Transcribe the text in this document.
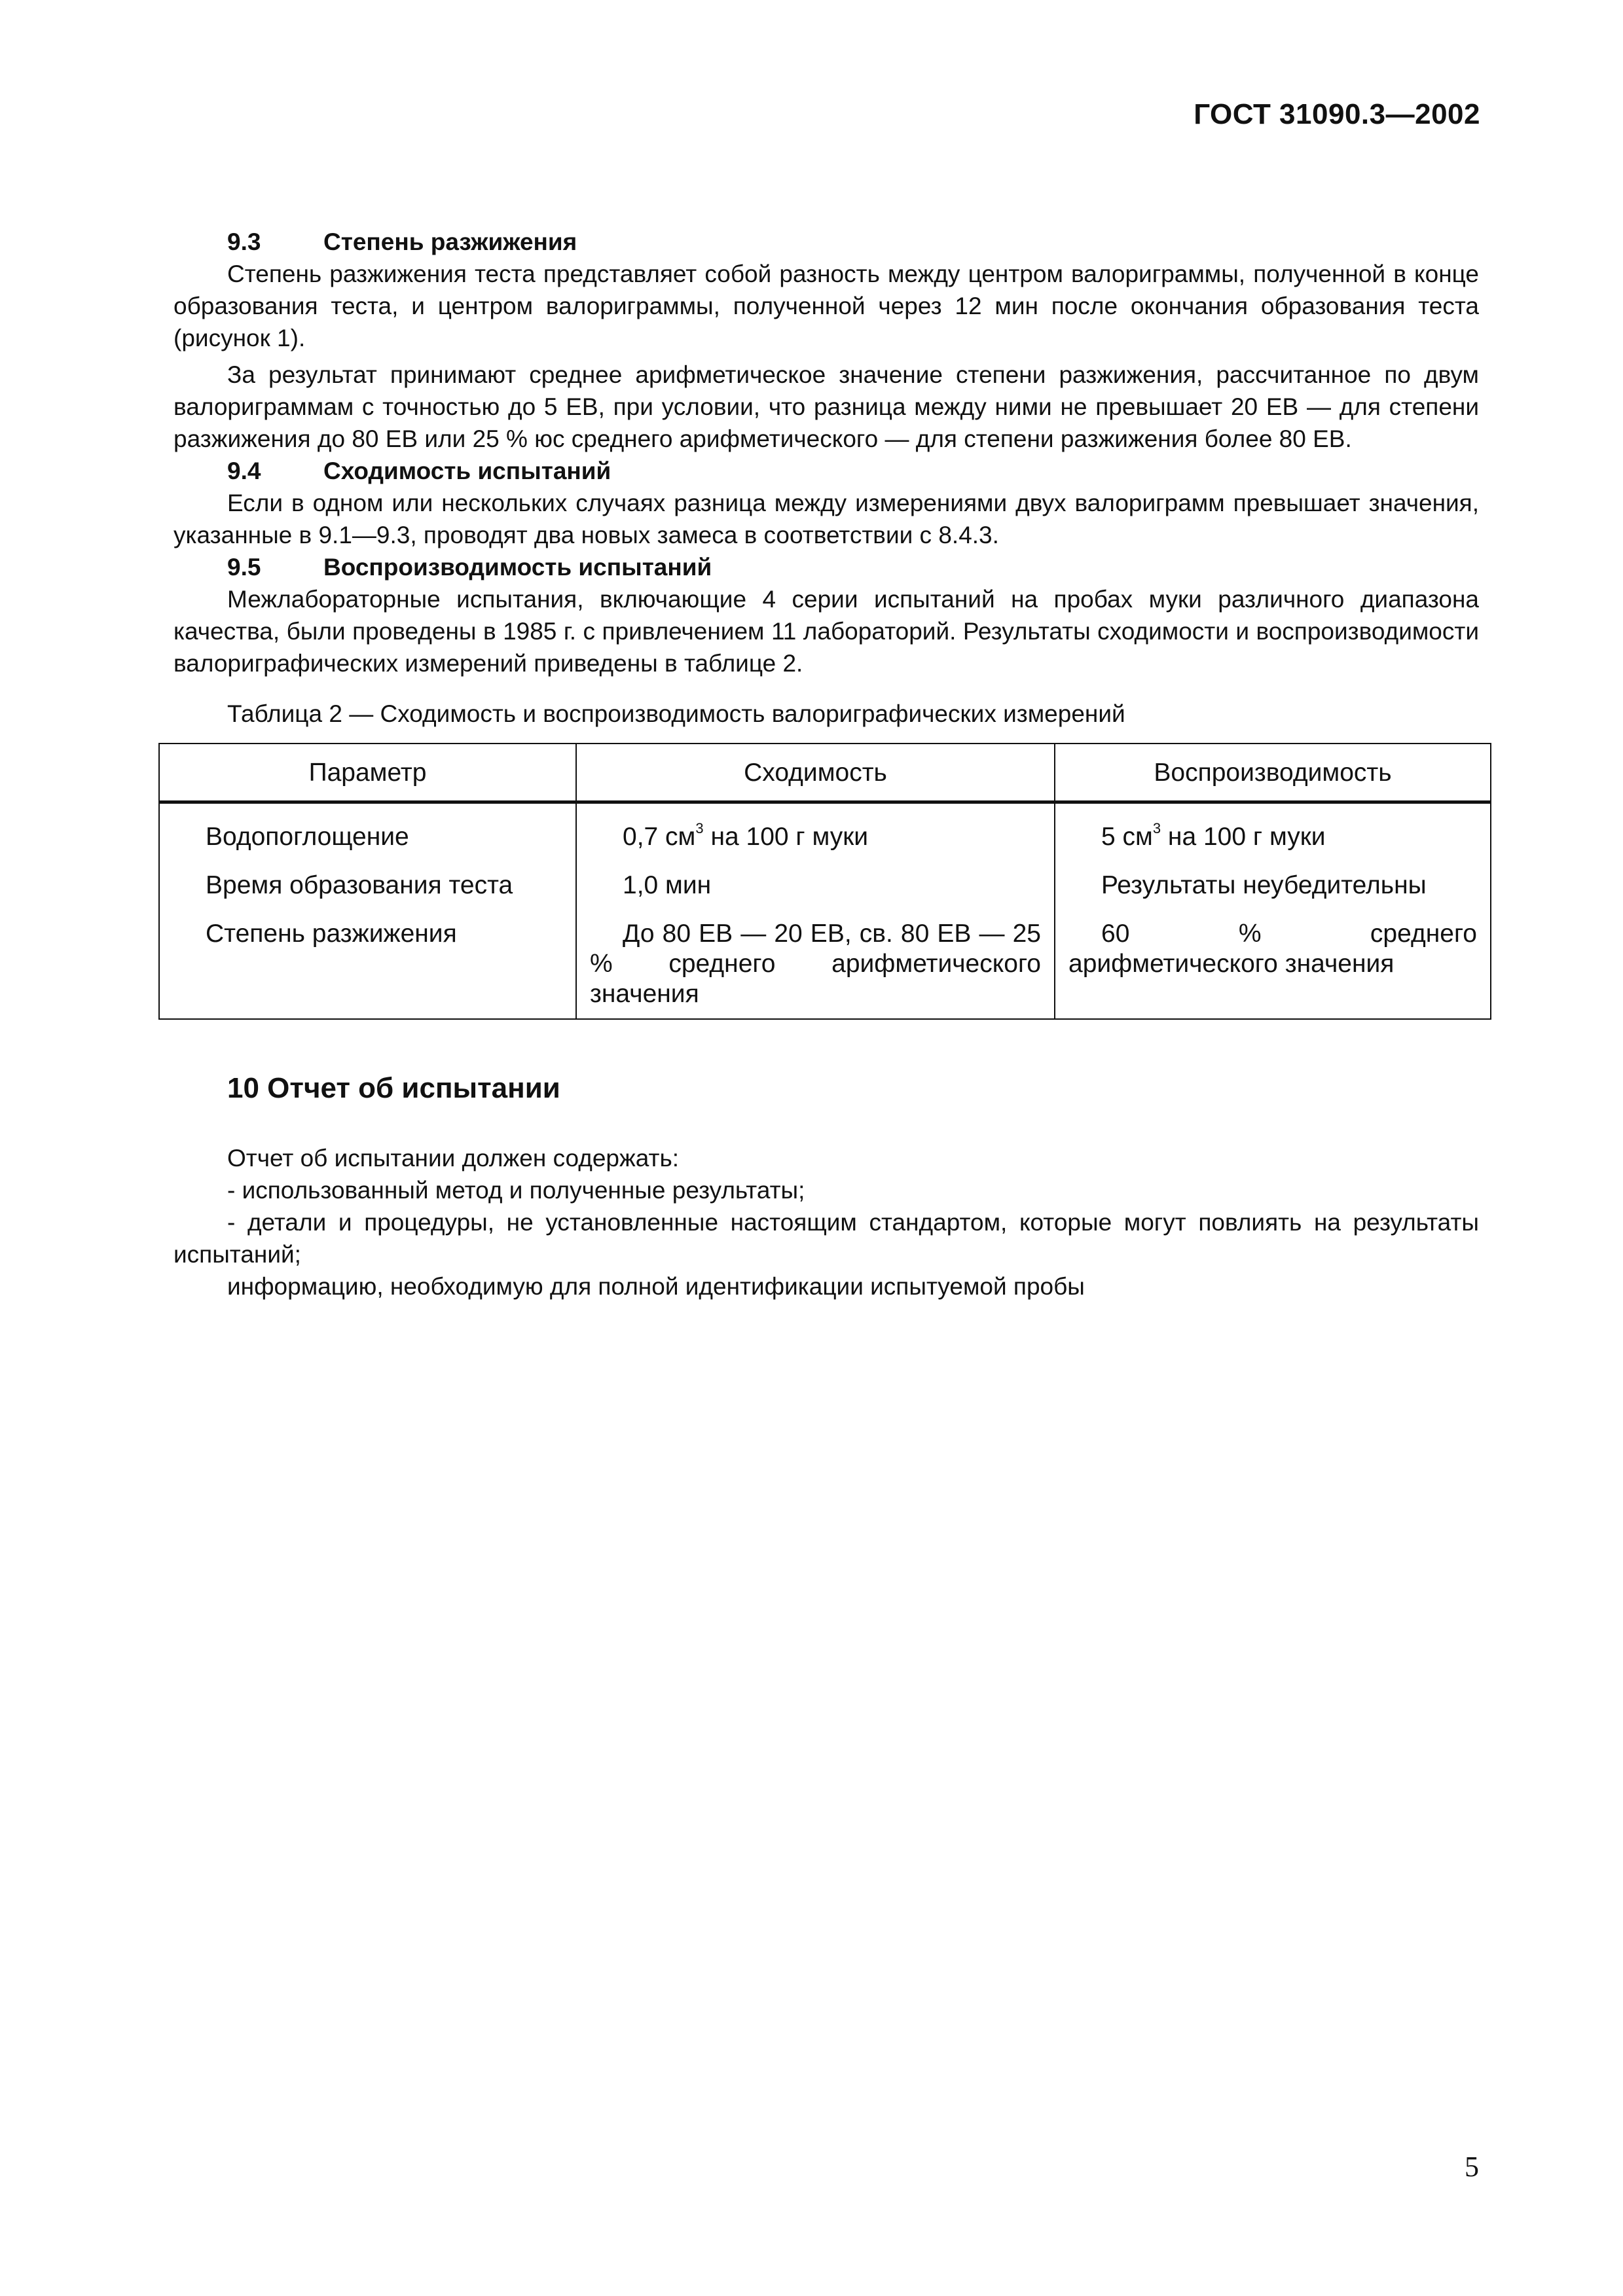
ГОСТ 31090.3—2002
9.3	Степень разжижения

Степень разжижения теста представляет собой разность между центром валориграммы, полученной в конце образования теста, и центром валориграммы, полученной через 12 мин после окончания образования теста (рисунок 1).

За результат принимают среднее арифметическое значение степени разжижения, рассчитанное по двум валориграммам с точностью до 5 ЕВ, при условии, что разница между ними не превышает 20 ЕВ — для степени разжижения до 80 ЕВ или 25 % юс среднего арифметического — для степени разжижения более 80 ЕВ.

9.4	Сходимость испытаний

Если в одном или нескольких случаях разница между измерениями двух валориграмм превышает значения, указанные в 9.1—9.3, проводят два новых замеса в соответствии с 8.4.3.

9.5	Воспроизводимость испытаний

Межлабораторные испытания, включающие 4 серии испытаний на пробах муки различного диапазона качества, были проведены в 1985 г. с привлечением 11 лабораторий. Результаты сходимости и воспроизводимости валориграфических измерений приведены в таблице 2.

Таблица 2 — Сходимость и воспроизводимость валориграфических измерений
Параметр	Сходимость	Воспроизводимость
Водопоглощение	0,7 $см^3$ на 100 г муки	5 $см^3$ на 100 г муки
Время образования теста	1,0 мин	Результаты неубедительны
Степень разжижения	До 80 ЕВ — 20 ЕВ, св. 80 ЕВ — 25 % среднего арифметического значения	60 % среднего арифметического значения
10 Отчет об испытании

Отчет об испытании должен содержать:

- использованный метод и полученные результаты;

- детали и процедуры, не установленные настоящим стандартом, которые могут повлиять на результаты испытаний;

информацию, необходимую для полной идентификации испытуемой пробы

5
